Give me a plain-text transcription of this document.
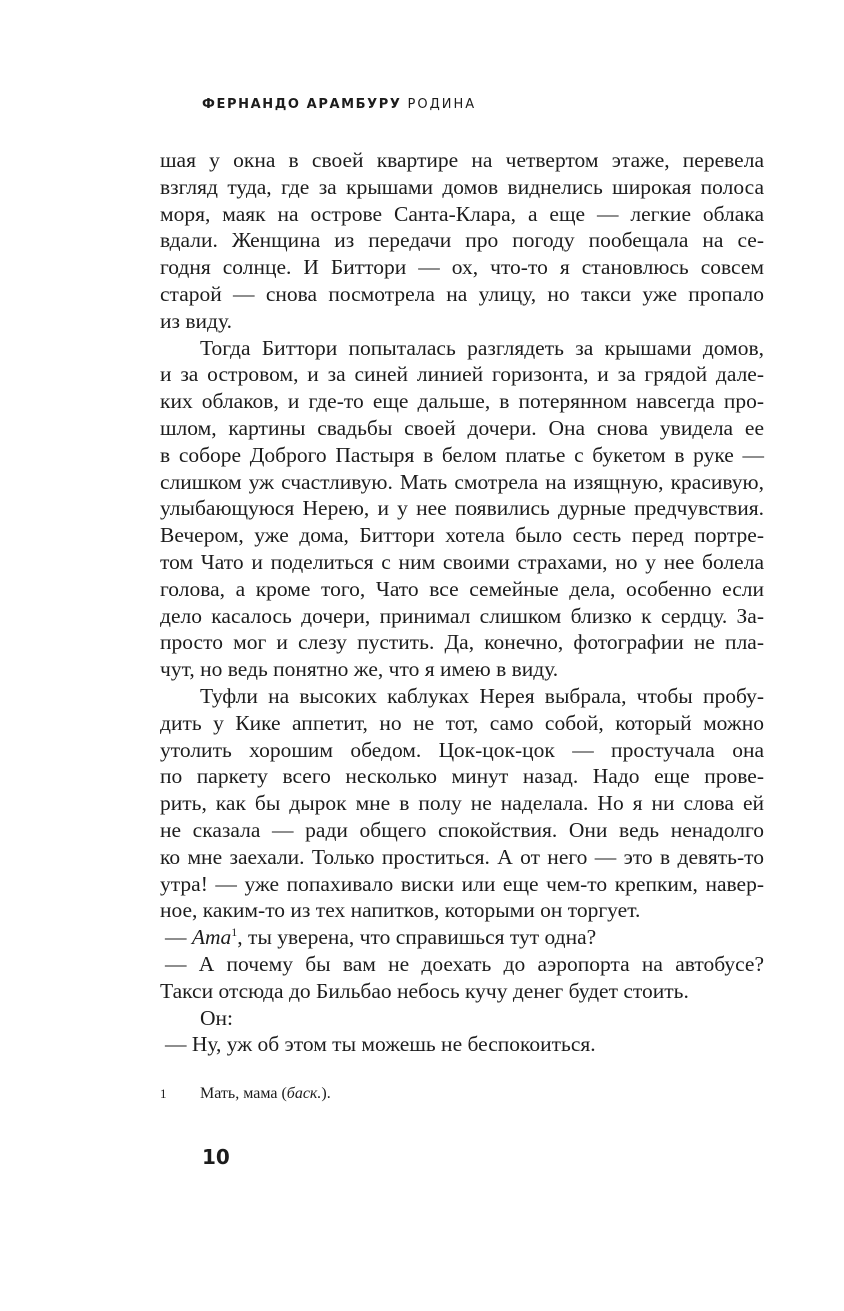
ФЕРНАНДО АРАМБУРУ РОДИНА
шая у окна в своей квартире на четвертом этаже, перевела
взгляд туда, где за крышами домов виднелись широкая полоса
моря, маяк на острове Санта-Клара, а еще — легкие облака
вдали. Женщина из передачи про погоду пообещала на се-
годня солнце. И Биттори — ох, что-то я становлюсь совсем
старой — снова посмотрела на улицу, но такси уже пропало
из виду.
Тогда Биттори попыталась разглядеть за крышами домов,
и за островом, и за синей линией горизонта, и за грядой дале-
ких облаков, и где-то еще дальше, в потерянном навсегда про-
шлом, картины свадьбы своей дочери. Она снова увидела ее
в соборе Доброго Пастыря в белом платье с букетом в руке —
слишком уж счастливую. Мать смотрела на изящную, красивую,
улыбающуюся Нерею, и у нее появились дурные предчувствия.
Вечером, уже дома, Биттори хотела было сесть перед портре-
том Чато и поделиться с ним своими страхами, но у нее болела
голова, а кроме того, Чато все семейные дела, особенно если
дело касалось дочери, принимал слишком близко к сердцу. За-
просто мог и слезу пустить. Да, конечно, фотографии не пла-
чут, но ведь понятно же, что я имею в виду.
Туфли на высоких каблуках Нерея выбрала, чтобы пробу-
дить у Кике аппетит, но не тот, само собой, который можно
утолить хорошим обедом. Цок-цок-цок — простучала она
по паркету всего несколько минут назад. Надо еще прове-
рить, как бы дырок мне в полу не наделала. Но я ни слова ей
не сказала — ради общего спокойствия. Они ведь ненадолго
ко мне заехали. Только проститься. А от него — это в девять-то
утра! — уже попахивало виски или еще чем-то крепким, навер-
ное, каким-то из тех напитков, которыми он торгует.
— Ama$^1$, ты уверена, что справишься тут одна?
— А почему бы вам не доехать до аэропорта на автобусе?
Такси отсюда до Бильбао небось кучу денег будет стоить.
Он:
— Ну, уж об этом ты можешь не беспокоиться.
1 Мать, мама (баск.).
10
